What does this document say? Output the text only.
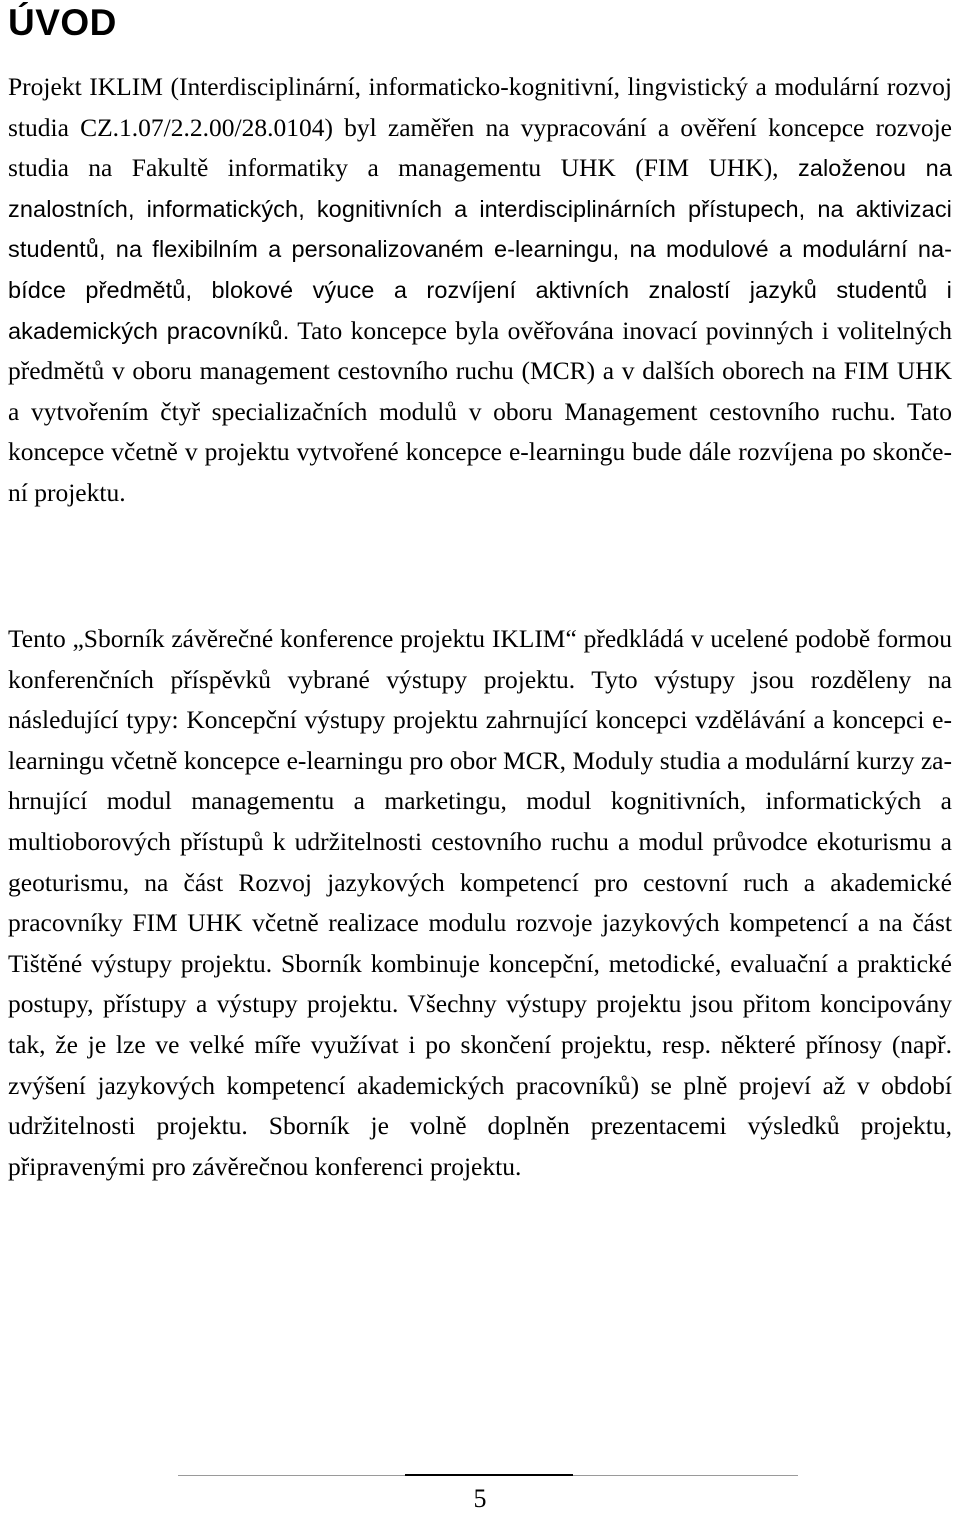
ÚVOD

Projekt IKLIM (Interdisciplinární, informaticko-kognitivní, lingvistický a modulární rozvoj studia CZ.1.07/2.2.00/28.0104) byl zaměřen na vypracování a ověření koncepce rozvoje studia na Fakultě informatiky a managementu UHK (FIM UHK), založenou na znalostních, informatických, kognitivních a interdisciplinárních přístupech, na aktivizaci studentů, na flexibilním a personalizovaném e-learningu, na modulové a modulární nabídce předmětů, blokové výuce a rozvíjení aktivních znalostí jazyků studentů i akademických pracovníků. Tato koncepce byla ověřována inovací povinných i volitelných předmětů v oboru management cestovního ruchu (MCR) a v dalších oborech na FIM UHK a vytvořením čtyř specializačních modulů v oboru Management cestovního ruchu. Tato koncepce včetně v projektu vytvořené koncepce e-learningu bude dále rozvíjena po skončení projektu.

Tento „Sborník závěrečné konference projektu IKLIM“ předkládá v ucelené podobě formou konferenčních příspěvků vybrané výstupy projektu. Tyto výstupy jsou rozděleny na následující typy: Koncepční výstupy projektu zahrnující koncepci vzdělávání a koncepci e-learningu včetně koncepce e-learningu pro obor MCR, Moduly studia a modulární kurzy zahrnující modul managementu a marketingu, modul kognitivních, informatických a multioborových přístupů k udržitelnosti cestovního ruchu a modul průvodce ekoturismu a geoturismu, na část Rozvoj jazykových kompetencí pro cestovní ruch a akademické pracovníky FIM UHK včetně realizace modulu rozvoje jazykových kompetencí a na část Tištěné výstupy projektu. Sborník kombinuje koncepční, metodické, evaluační a praktické postupy, přístupy a výstupy projektu. Všechny výstupy projektu jsou přitom koncipovány tak, že je lze ve velké míře využívat i po skončení projektu, resp. některé přínosy (např. zvýšení jazykových kompetencí akademických pracovníků) se plně projeví až v období udržitelnosti projektu. Sborník je volně doplněn prezentacemi výsledků projektu, připravenými pro závěrečnou konferenci projektu.

5
